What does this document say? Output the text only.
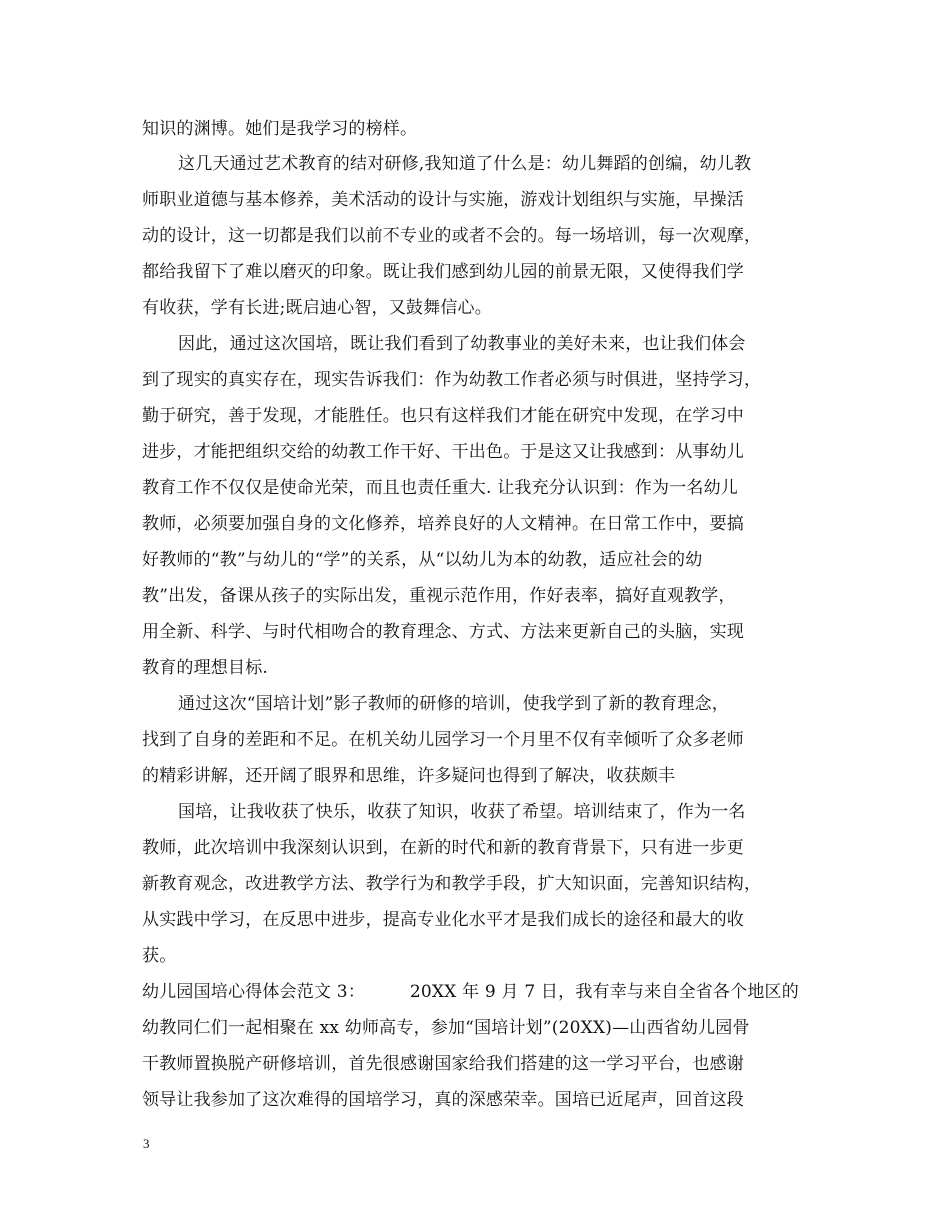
知识的渊博。她们是我学习的榜样。
这几天通过艺术教育的结对研修,我知道了什么是：幼儿舞蹈的创编，幼儿教
师职业道德与基本修养，美术活动的设计与实施，游戏计划组织与实施，早操活
动的设计，这一切都是我们以前不专业的或者不会的。每一场培训，每一次观摩，
都给我留下了难以磨灭的印象。既让我们感到幼儿园的前景无限，又使得我们学
有收获，学有长进;既启迪心智，又鼓舞信心。
因此，通过这次国培，既让我们看到了幼教事业的美好未来，也让我们体会
到了现实的真实存在，现实告诉我们：作为幼教工作者必须与时俱进，坚持学习，
勤于研究，善于发现，才能胜任。也只有这样我们才能在研究中发现，在学习中
进步，才能把组织交给的幼教工作干好、干出色。于是这又让我感到：从事幼儿
教育工作不仅仅是使命光荣，而且也责任重大. 让我充分认识到：作为一名幼儿
教师，必须要加强自身的文化修养，培养良好的人文精神。在日常工作中，要搞
好教师的“教”与幼儿的“学”的关系，从“以幼儿为本的幼教，适应社会的幼
教”出发，备课从孩子的实际出发，重视示范作用，作好表率，搞好直观教学，
用全新、科学、与时代相吻合的教育理念、方式、方法来更新自己的头脑，实现
教育的理想目标.
通过这次“国培计划”影子教师的研修的培训，使我学到了新的教育理念，
找到了自身的差距和不足。在机关幼儿园学习一个月里不仅有幸倾听了众多老师
的精彩讲解，还开阔了眼界和思维，许多疑问也得到了解决，收获颇丰
国培，让我收获了快乐，收获了知识，收获了希望。培训结束了，作为一名
教师，此次培训中我深刻认识到，在新的时代和新的教育背景下，只有进一步更
新教育观念，改进教学方法、教学行为和教学手段，扩大知识面，完善知识结构，
从实践中学习，在反思中进步，提高专业化水平才是我们成长的途径和最大的收
获。
幼儿园国培心得体会范文 3：        20XX 年 9 月 7 日，我有幸与来自全省各个地区的
幼教同仁们一起相聚在 xx 幼师高专，参加“国培计划”(20XX)—山西省幼儿园骨
干教师置换脱产研修培训，首先很感谢国家给我们搭建的这一学习平台，也感谢
领导让我参加了这次难得的国培学习，真的深感荣幸。国培已近尾声，回首这段
3
